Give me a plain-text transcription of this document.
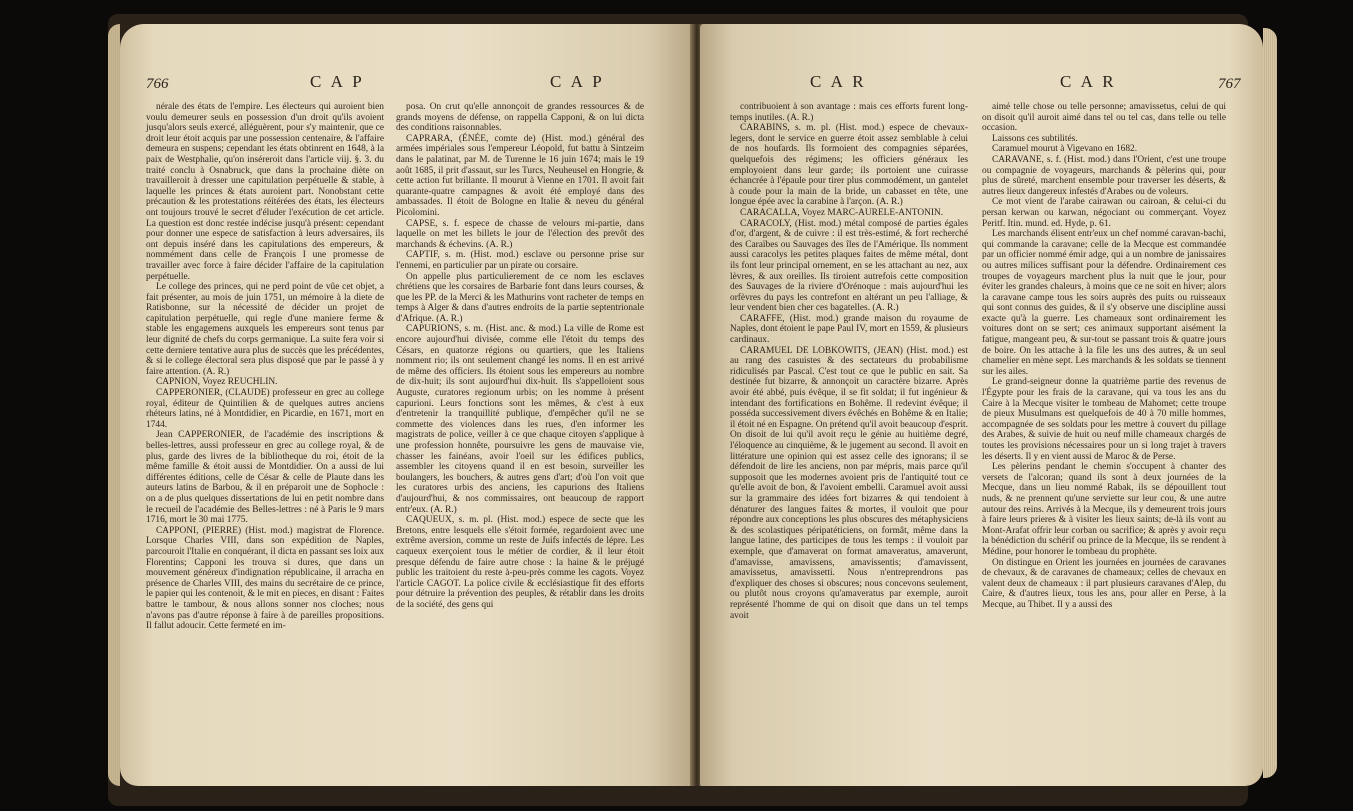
766	C A P	C A P

nérale des états de l'empire. Les électeurs qui auroient bien voulu demeurer seuls en possession d'un droit qu'ils avoient jusqu'alors seuls exercé, alléguèrent, pour s'y maintenir, que ce droit leur étoit acquis par une possession centenaire, & l'affaire demeura en suspens; cependant les états obtinrent en 1648, à la paix de Westphalie, qu'on inséreroit dans l'article viij. §. 3. du traité conclu à Osnabruck, que dans la prochaine diète on travailleroit à dresser une capitulation perpétuelle & stable, à laquelle les princes & états auroient part. Nonobstant cette précaution & les protestations réitérées des états, les électeurs ont toujours trouvé le secret d'éluder l'exécution de cet article. La question est donc restée indécise jusqu'à présent: cependant pour donner une espece de satisfaction à leurs adversaires, ils ont depuis inséré dans les capitulations des empereurs, & nommément dans celle de François I une promesse de travailler avec force à faire décider l'affaire de la capitulation perpétuelle.

Le college des princes, qui ne perd point de vûe cet objet, a fait présenter, au mois de juin 1751, un mémoire à la diete de Ratisbonne, sur la nécessité de décider un projet de capitulation perpétuelle, qui regle d'une maniere ferme & stable les engagemens auxquels les empereurs sont tenus par leur dignité de chefs du corps germanique. La suite fera voir si cette derniere tentative aura plus de succès que les précédentes, & si le college électoral sera plus disposé que par le passé à y faire attention. (A. R.)

CAPNION, Voyez REUCHLIN.

CAPPERONIER, (CLAUDE) professeur en grec au college royal, éditeur de Quintilien & de quelques autres anciens rhéteurs latins, né à Montdidier, en Picardie, en 1671, mort en 1744.

Jean CAPPERONIER, de l'académie des inscriptions & belles-lettres, aussi professeur en grec au college royal, & de plus, garde des livres de la bibliotheque du roi, étoit de la même famille & étoit aussi de Montdidier. On a aussi de lui différentes éditions, celle de César & celle de Plaute dans les auteurs latins de Barbou, & il en préparoit une de Sophocle : on a de plus quelques dissertations de lui en petit nombre dans le recueil de l'académie des Belles-lettres : né à Paris le 9 mars 1716, mort le 30 mai 1775.

CAPPONI, (PIERRE) (Hist. mod.) magistrat de Florence. Lorsque Charles VIII, dans son expédition de Naples, parcouroit l'Italie en conquérant, il dicta en passant ses loix aux Florentins; Capponi les trouva si dures, que dans un mouvement généreux d'indignation républicaine, il arracha en présence de Charles VIII, des mains du secrétaire de ce prince, le papier qui les contenoit, & le mit en pieces, en disant : Faites battre le tambour, & nous allons sonner nos cloches; nous n'avons pas d'autre réponse à faire à de pareilles propositions. Il fallut adoucir. Cette fermeté en im-

posa. On crut qu'elle annonçoit de grandes ressources & de grands moyens de défense, on rappella Capponi, & on lui dicta des conditions raisonnables.

CAPRARA, (ÉNÉE, comte de) (Hist. mod.) général des armées impériales sous l'empereur Léopold, fut battu à Sintzeim dans le palatinat, par M. de Turenne le 16 juin 1674; mais le 19 août 1685, il prit d'assaut, sur les Turcs, Neuheusel en Hongrie, & cette action fut brillante. Il mourut à Vienne en 1701. Il avoit fait quarante-quatre campagnes & avoit été employé dans des ambassades. Il étoit de Bologne en Italie & neveu du général Picolomini.

CAPSE, s. f. espece de chasse de velours mi-partie, dans laquelle on met les billets le jour de l'élection des prevôt des marchands & échevins. (A. R.)

CAPTIF, s. m. (Hist. mod.) esclave ou personne prise sur l'ennemi, en particulier par un pirate ou corsaire.

On appelle plus particulierement de ce nom les esclaves chrétiens que les corsaires de Barbarie font dans leurs courses, & que les PP. de la Merci & les Mathurins vont racheter de temps en temps à Alger & dans d'autres endroits de la partie septentrionale d'Afrique. (A. R.)

CAPURIONS, s. m. (Hist. anc. & mod.) La ville de Rome est encore aujourd'hui divisée, comme elle l'étoit du temps des Césars, en quatorze régions ou quartiers, que les Italiens nomment rio; ils ont seulement changé les noms. Il en est arrivé de même des officiers. Ils étoient sous les empereurs au nombre de dix-huit; ils sont aujourd'hui dix-huit. Ils s'appelloient sous Auguste, curatores regionum urbis; on les nomme à présent capurioni. Leurs fonctions sont les mêmes, & c'est à eux d'entretenir la tranquillité publique, d'empêcher qu'il ne se commette des violences dans les rues, d'en informer les magistrats de police, veiller à ce que chaque citoyen s'applique à une profession honnête, poursuivre les gens de mauvaise vie, chasser les fainéans, avoir l'oeil sur les édifices publics, assembler les citoyens quand il en est besoin, surveiller les boulangers, les bouchers, & autres gens d'art; d'où l'on voit que les curatores urbis des anciens, les capurions des Italiens d'aujourd'hui, & nos commissaires, ont beaucoup de rapport entr'eux. (A. R.)

CAQUEUX, s. m. pl. (Hist. mod.) espece de secte que les Bretons, entre lesquels elle s'étoit formée, regardoient avec une extrême aversion, comme un reste de Juifs infectés de lépre. Les caqueux exerçoient tous le métier de cordier, & il leur étoit presque défendu de faire autre chose : la haine & le préjugé public les traitoient du reste à-peu-près comme les cagots. Voyez l'article CAGOT. La police civile & ecclésiastique fit des efforts pour détruire la prévention des peuples, & rétablir dans les droits de la société, des gens qui

C A R	C A R	767

contribuoient à son avantage : mais ces efforts furent long-temps inutiles. (A. R.)

CARABINS, s. m. pl. (Hist. mod.) espece de chevaux-legers, dont le service en guerre étoit assez semblable à celui de nos houfards. Ils formoient des compagnies séparées, quelquefois des régimens; les officiers généraux les employoient dans leur garde; ils portoient une cuirasse échancrée à l'épaule pour tirer plus commodément, un gantelet à coude pour la main de la bride, un cabasset en tête, une longue épée avec la carabine à l'arçon. (A. R.)

CARACALLA, Voyez MARC-AURELE-ANTONIN.

CARACOLY, (Hist. mod.) métal composé de parties égales d'or, d'argent, & de cuivre : il est très-estimé, & fort recherché des Caraïbes ou Sauvages des îles de l'Amérique. Ils nomment aussi caracolys les petites plaques faites de même métal, dont ils font leur principal ornement, en se les attachant au nez, aux lèvres, & aux oreilles. Ils tiroient autrefois cette composition des Sauvages de la riviere d'Orénoque : mais aujourd'hui les orfèvres du pays les contrefont en altérant un peu l'alliage, & leur vendent bien cher ces bagatelles. (A. R.)

CARAFFE, (Hist. mod.) grande maison du royaume de Naples, dont étoient le pape Paul IV, mort en 1559, & plusieurs cardinaux.

CARAMUEL DE LOBKOWITS, (JEAN) (Hist. mod.) est au rang des casuistes & des sectateurs du probabilisme ridiculisés par Pascal. C'est tout ce que le public en sait. Sa destinée fut bizarre, & annonçoit un caractère bizarre. Après avoir été abbé, puis évêque, il se fit soldat; il fut ingénieur & intendant des fortifications en Bohême. Il redevint évêque; il posséda successivement divers évêchés en Bohême & en Italie; il étoit né en Espagne. On prétend qu'il avoit beaucoup d'esprit. On disoit de lui qu'il avoit reçu le génie au huitième degré, l'éloquence au cinquième, & le jugement au second. Il avoit en littérature une opinion qui est assez celle des ignorans; il se défendoit de lire les anciens, non par mépris, mais parce qu'il supposoit que les modernes avoient pris de l'antiquité tout ce qu'elle avoit de bon, & l'avoient embelli. Caramuel avoit aussi sur la grammaire des idées fort bizarres & qui tendoient à dénaturer des langues faites & mortes, il vouloit que pour répondre aux conceptions les plus obscures des métaphysiciens & des scolastiques péripatéticiens, on formât, même dans la langue latine, des participes de tous les temps : il vouloit par exemple, que d'amaverat on format amaveratus, amaverunt, d'amavisse, amavissens, amavissentis; d'amavissent, amavissetus, amavissetti. Nous n'entreprendrons pas d'expliquer des choses si obscures; nous concevons seulement, ou plutôt nous croyons qu'amaveratus par exemple, auroit représenté l'homme de qui on disoit que dans un tel temps avoit

aimé telle chose ou telle personne; amavissetus, celui de qui on disoit qu'il auroit aimé dans tel ou tel cas, dans telle ou telle occasion.

Laissons ces subtilités.

Caramuel mourut à Vigevano en 1682.

CARAVANE, s. f. (Hist. mod.) dans l'Orient, c'est une troupe ou compagnie de voyageurs, marchands & pèlerins qui, pour plus de sûreté, marchent ensemble pour traverser les déserts, & autres lieux dangereux infestés d'Arabes ou de voleurs.

Ce mot vient de l'arabe cairawan ou cairoan, & celui-ci du persan kerwan ou karwan, négociant ou commerçant. Voyez Peritf. Itin. mund. ed. Hyde, p. 61.

Les marchands élisent entr'eux un chef nommé caravan-bachi, qui commande la caravane; celle de la Mecque est commandée par un officier nommé émir adge, qui a un nombre de janissaires ou autres milices suffisant pour la défendre. Ordinairement ces troupes de voyageurs marchent plus la nuit que le jour, pour éviter les grandes chaleurs, à moins que ce ne soit en hiver; alors la caravane campe tous les soirs auprès des puits ou ruisseaux qui sont connus des guides, & il s'y observe une discipline aussi exacte qu'à la guerre. Les chameaux sont ordinairement les voitures dont on se sert; ces animaux supportant aisément la fatigue, mangeant peu, & sur-tout se passant trois & quatre jours de boire. On les attache à la file les uns des autres, & un seul chamelier en mène sept. Les marchands & les soldats se tiennent sur les ailes.

Le grand-seigneur donne la quatrième partie des revenus de l'Égypte pour les frais de la caravane, qui va tous les ans du Caire à la Mecque visiter le tombeau de Mahomet; cette troupe de pieux Musulmans est quelquefois de 40 à 70 mille hommes, accompagnée de ses soldats pour les mettre à couvert du pillage des Arabes, & suivie de huit ou neuf mille chameaux chargés de toutes les provisions nécessaires pour un si long trajet à travers les déserts. Il y en vient aussi de Maroc & de Perse.

Les pèlerins pendant le chemin s'occupent à chanter des versets de l'alcoran; quand ils sont à deux journées de la Mecque, dans un lieu nommé Rabak, ils se dépouillent tout nuds, & ne prennent qu'une serviette sur leur cou, & une autre autour des reins. Arrivés à la Mecque, ils y demeurent trois jours à faire leurs prieres & à visiter les lieux saints; de-là ils vont au Mont-Arafat offrir leur corban ou sacrifice; & après y avoir reçu la bénédiction du schérif ou prince de la Mecque, ils se rendent à Médine, pour honorer le tombeau du prophète.

On distingue en Orient les journées en journées de caravanes de chevaux, & de caravanes de chameaux; celles de chevaux en valent deux de chameaux : il part plusieurs caravanes d'Alep, du Caire, & d'autres lieux, tous les ans, pour aller en Perse, à la Mecque, au Thibet. Il y a aussi des
